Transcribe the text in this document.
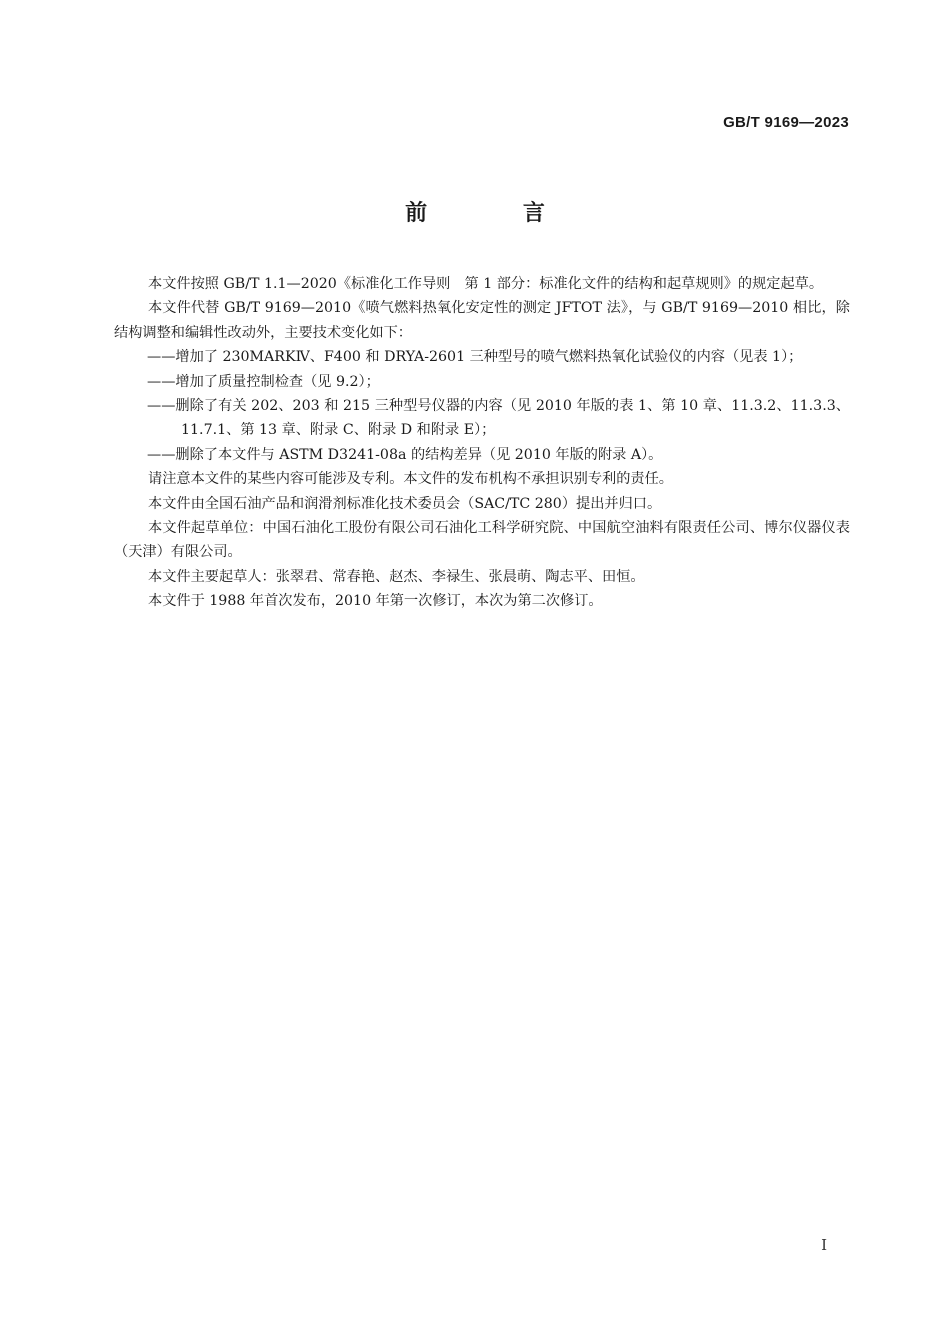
GB/T 9169—2023
前 言

本文件按照 GB/T 1.1—2020《标准化工作导则　第 1 部分：标准化文件的结构和起草规则》的规定起草。

本文件代替 GB/T 9169—2010《喷气燃料热氧化安定性的测定 JFTOT 法》，与 GB/T 9169—2010 相比，除结构调整和编辑性改动外，主要技术变化如下：

——增加了 230MARKⅣ、F400 和 DRYA-2601 三种型号的喷气燃料热氧化试验仪的内容（见表 1）；

——增加了质量控制检查（见 9.2）；

——删除了有关 202、203 和 215 三种型号仪器的内容（见 2010 年版的表 1、第 10 章、11.3.2、11.3.3、11.7.1、第 13 章、附录 C、附录 D 和附录 E）；

——删除了本文件与 ASTM D3241-08a 的结构差异（见 2010 年版的附录 A）。

请注意本文件的某些内容可能涉及专利。本文件的发布机构不承担识别专利的责任。

本文件由全国石油产品和润滑剂标准化技术委员会（SAC/TC 280）提出并归口。

本文件起草单位：中国石油化工股份有限公司石油化工科学研究院、中国航空油料有限责任公司、博尔仪器仪表（天津）有限公司。

本文件主要起草人：张翠君、常春艳、赵杰、李禄生、张晨萌、陶志平、田恒。

本文件于 1988 年首次发布，2010 年第一次修订，本次为第二次修订。

Ⅰ
